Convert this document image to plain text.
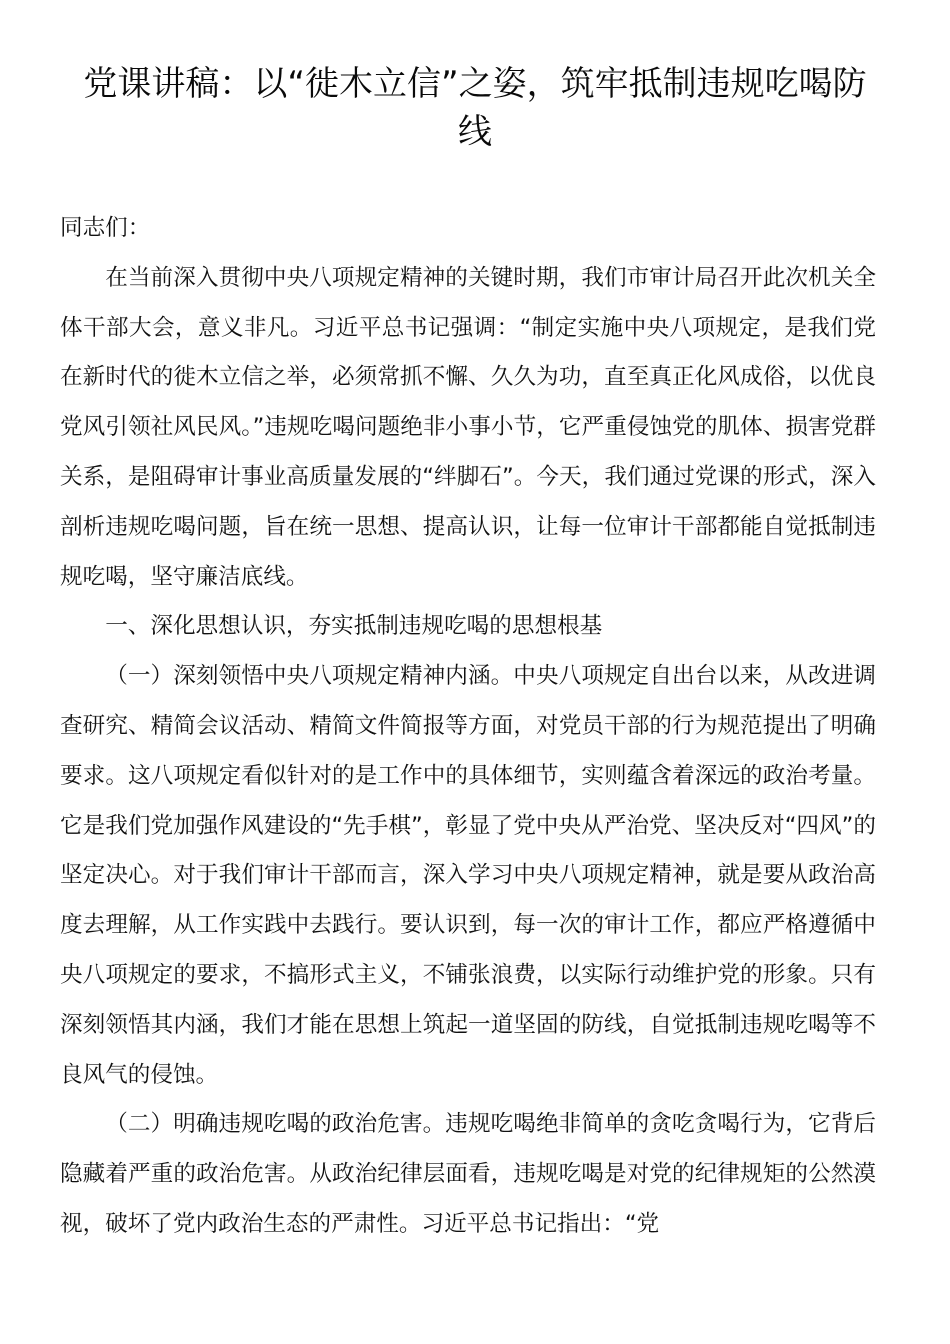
党课讲稿：以“徙木立信”之姿，筑牢抵制违规吃喝防线

同志们：

在当前深入贯彻中央八项规定精神的关键时期，我们市审计局召开此次机关全体干部大会，意义非凡。习近平总书记强调：“制定实施中央八项规定，是我们党在新时代的徙木立信之举，必须常抓不懈、久久为功，直至真正化风成俗，以优良党风引领社风民风。”违规吃喝问题绝非小事小节，它严重侵蚀党的肌体、损害党群关系，是阻碍审计事业高质量发展的“绊脚石”。今天，我们通过党课的形式，深入剖析违规吃喝问题，旨在统一思想、提高认识，让每一位审计干部都能自觉抵制违规吃喝，坚守廉洁底线。

一、深化思想认识，夯实抵制违规吃喝的思想根基

（一）深刻领悟中央八项规定精神内涵。中央八项规定自出台以来，从改进调查研究、精简会议活动、精简文件简报等方面，对党员干部的行为规范提出了明确要求。这八项规定看似针对的是工作中的具体细节，实则蕴含着深远的政治考量。它是我们党加强作风建设的“先手棋”，彰显了党中央从严治党、坚决反对“四风”的坚定决心。对于我们审计干部而言，深入学习中央八项规定精神，就是要从政治高度去理解，从工作实践中去践行。要认识到，每一次的审计工作，都应严格遵循中央八项规定的要求，不搞形式主义，不铺张浪费，以实际行动维护党的形象。只有深刻领悟其内涵，我们才能在思想上筑起一道坚固的防线，自觉抵制违规吃喝等不良风气的侵蚀。

（二）明确违规吃喝的政治危害。违规吃喝绝非简单的贪吃贪喝行为，它背后隐藏着严重的政治危害。从政治纪律层面看，违规吃喝是对党的纪律规矩的公然漠视，破坏了党内政治生态的严肃性。习近平总书记指出：“党
